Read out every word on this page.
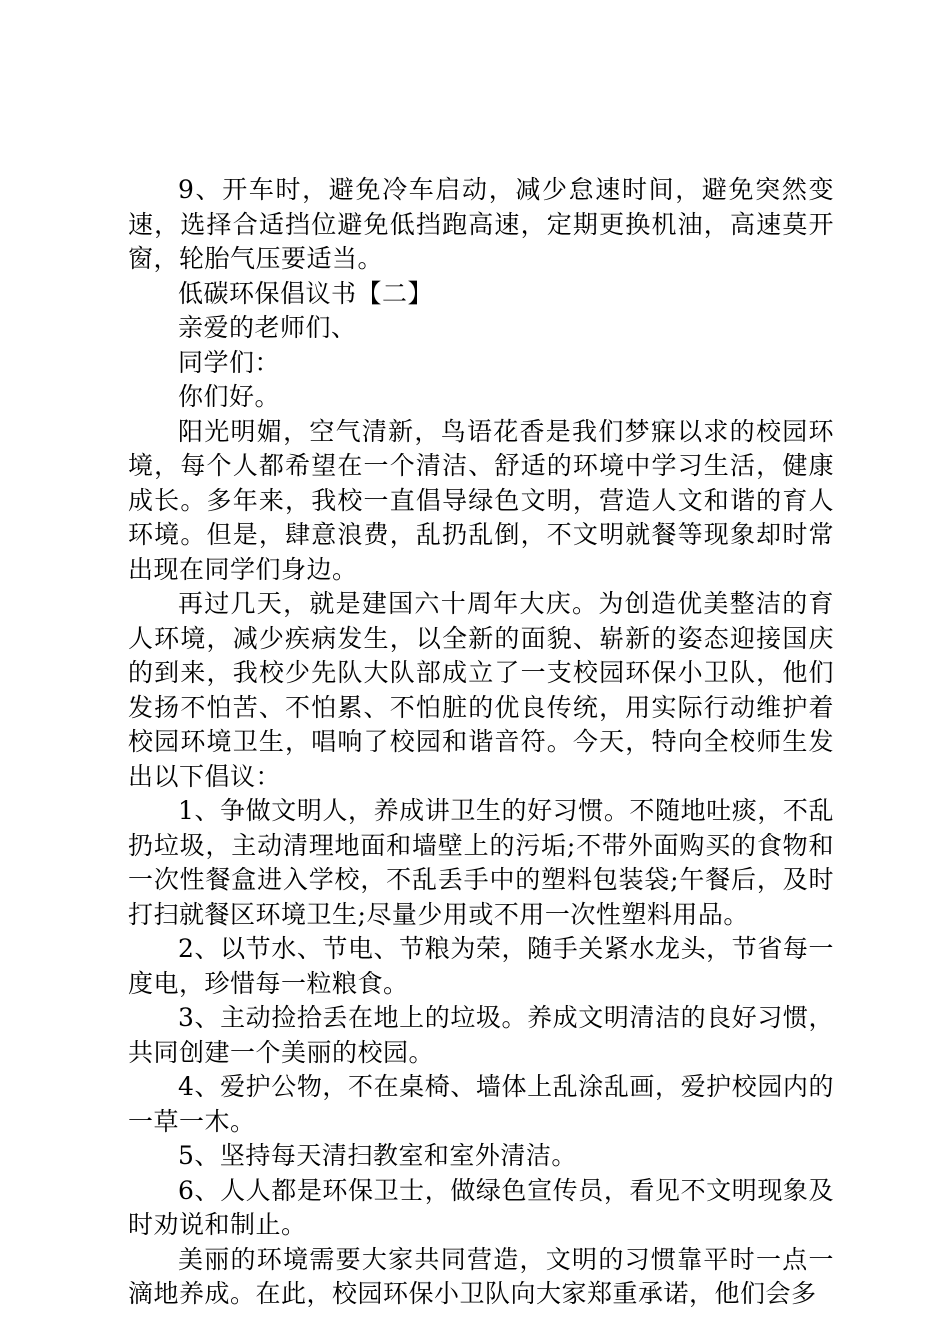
9、开车时，避免冷车启动，减少怠速时间，避免突然变速，选择合适挡位避免低挡跑高速，定期更换机油，高速莫开窗，轮胎气压要适当。

低碳环保倡议书【二】

亲爱的老师们、

同学们：

你们好。

阳光明媚，空气清新，鸟语花香是我们梦寐以求的校园环境，每个人都希望在一个清洁、舒适的环境中学习生活，健康成长。多年来，我校一直倡导绿色文明，营造人文和谐的育人环境。但是，肆意浪费，乱扔乱倒，不文明就餐等现象却时常出现在同学们身边。

再过几天，就是建国六十周年大庆。为创造优美整洁的育人环境，减少疾病发生，以全新的面貌、崭新的姿态迎接国庆的到来，我校少先队大队部成立了一支校园环保小卫队，他们发扬不怕苦、不怕累、不怕脏的优良传统，用实际行动维护着校园环境卫生，唱响了校园和谐音符。今天，特向全校师生发出以下倡议：

1、争做文明人，养成讲卫生的好习惯。不随地吐痰，不乱扔垃圾，主动清理地面和墙壁上的污垢;不带外面购买的食物和一次性餐盒进入学校，不乱丢手中的塑料包装袋;午餐后，及时打扫就餐区环境卫生;尽量少用或不用一次性塑料用品。

2、以节水、节电、节粮为荣，随手关紧水龙头，节省每一度电，珍惜每一粒粮食。

3、主动捡拾丢在地上的垃圾。养成文明清洁的良好习惯，共同创建一个美丽的校园。

4、爱护公物，不在桌椅、墙体上乱涂乱画，爱护校园内的一草一木。

5、坚持每天清扫教室和室外清洁。

6、人人都是环保卫士，做绿色宣传员，看见不文明现象及时劝说和制止。

美丽的环境需要大家共同营造，文明的习惯靠平时一点一滴地养成。在此，校园环保小卫队向大家郑重承诺，他们会多
